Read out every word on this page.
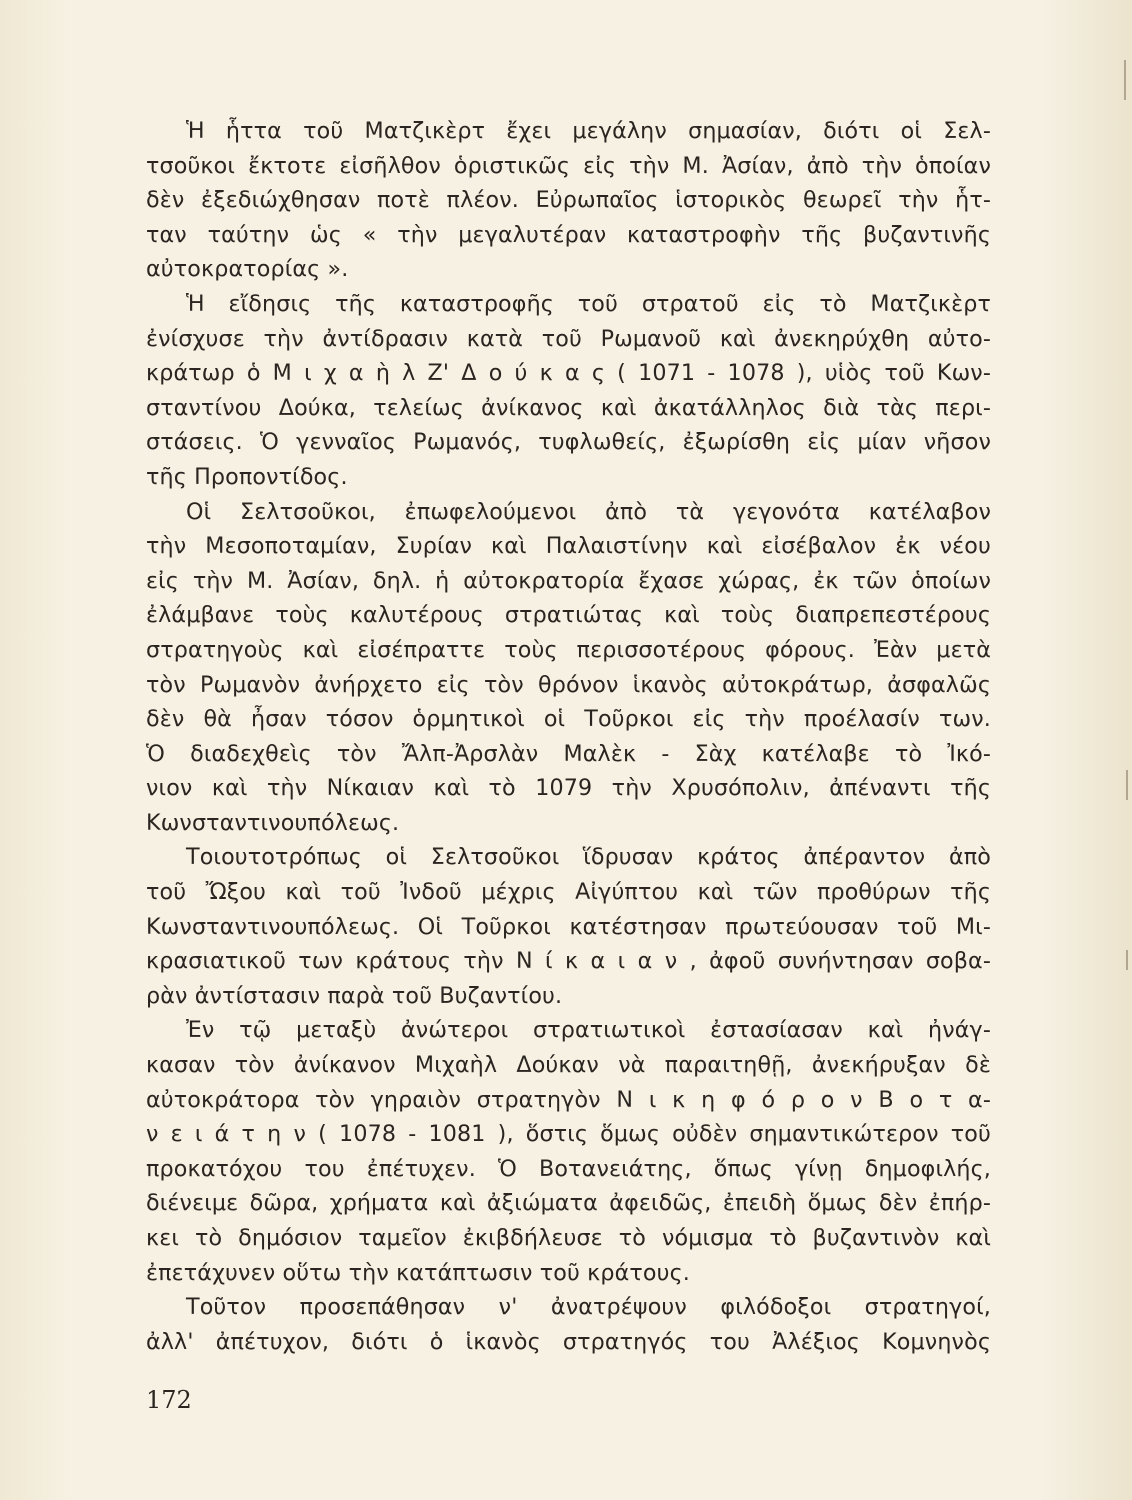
Ἡ ἧττα τοῦ Ματζικὲρτ ἔχει μεγάλην σημασίαν, διότι οἱ Σελ-
τσοῦκοι ἔκτοτε εἰσῆλθον ὁριστικῶς εἰς τὴν Μ. Ἀσίαν, ἀπὸ τὴν ὁποίαν
δὲν ἐξεδιώχθησαν ποτὲ πλέον. Εὐρωπαῖος ἱστορικὸς θεωρεῖ τὴν ἧτ-
ταν ταύτην ὡς « τὴν μεγαλυτέραν καταστροφὴν τῆς βυζαντινῆς
αὐτοκρατορίας ».
Ἡ εἴδησις τῆς καταστροφῆς τοῦ στρατοῦ εἰς τὸ Ματζικὲρτ
ἐνίσχυσε τὴν ἀντίδρασιν κατὰ τοῦ Ρωμανοῦ καὶ ἀνεκηρύχθη αὐτο-
κράτωρ ὁ Μ ι χ α ὴ λ Ζ' Δ ο ύ κ α ς ( 1071 - 1078 ), υἱὸς τοῦ Κων-
σταντίνου Δούκα, τελείως ἀνίκανος καὶ ἀκατάλληλος διὰ τὰς περι-
στάσεις. Ὁ γενναῖος Ρωμανός, τυφλωθείς, ἐξωρίσθη εἰς μίαν νῆσον
τῆς Προποντίδος.
Οἱ Σελτσοῦκοι, ἐπωφελούμενοι ἀπὸ τὰ γεγονότα κατέλαβον
τὴν Μεσοποταμίαν, Συρίαν καὶ Παλαιστίνην καὶ εἰσέβαλον ἐκ νέου
εἰς τὴν Μ. Ἀσίαν, δηλ. ἡ αὐτοκρατορία ἔχασε χώρας, ἐκ τῶν ὁποίων
ἐλάμβανε τοὺς καλυτέρους στρατιώτας καὶ τοὺς διαπρεπεστέρους
στρατηγοὺς καὶ εἰσέπραττε τοὺς περισσοτέρους φόρους. Ἐὰν μετὰ
τὸν Ρωμανὸν ἀνήρχετο εἰς τὸν θρόνον ἱκανὸς αὐτοκράτωρ, ἀσφαλῶς
δὲν θὰ ἦσαν τόσον ὁρμητικοὶ οἱ Τοῦρκοι εἰς τὴν προέλασίν των.
Ὁ διαδεχθεὶς τὸν Ἄλπ-Ἀρσλὰν Μαλὲκ - Σὰχ κατέλαβε τὸ Ἰκό-
νιον καὶ τὴν Νίκαιαν καὶ τὸ 1079 τὴν Χρυσόπολιν, ἀπέναντι τῆς
Κωνσταντινουπόλεως.
Τοιουτοτρόπως οἱ Σελτσοῦκοι ἵδρυσαν κράτος ἀπέραντον ἀπὸ
τοῦ Ὤξου καὶ τοῦ Ἰνδοῦ μέχρις Αἰγύπτου καὶ τῶν προθύρων τῆς
Κωνσταντινουπόλεως. Οἱ Τοῦρκοι κατέστησαν πρωτεύουσαν τοῦ Μι-
κρασιατικοῦ των κράτους τὴν Ν ί κ α ι α ν , ἀφοῦ συνήντησαν σοβα-
ρὰν ἀντίστασιν παρὰ τοῦ Βυζαντίου.
Ἐν τῷ μεταξὺ ἀνώτεροι στρατιωτικοὶ ἐστασίασαν καὶ ἠνάγ-
κασαν τὸν ἀνίκανον Μιχαὴλ Δούκαν νὰ παραιτηθῇ, ἀνεκήρυξαν δὲ
αὐτοκράτορα τὸν γηραιὸν στρατηγὸν Ν ι κ η φ ό ρ ο ν Β ο τ α-
ν ε ι ά τ η ν ( 1078 - 1081 ), ὅστις ὅμως οὐδὲν σημαντικώτερον τοῦ
προκατόχου του ἐπέτυχεν. Ὁ Βοτανειάτης, ὅπως γίνῃ δημοφιλής,
διένειμε δῶρα, χρήματα καὶ ἀξιώματα ἀφειδῶς, ἐπειδὴ ὅμως δὲν ἐπήρ-
κει τὸ δημόσιον ταμεῖον ἐκιβδήλευσε τὸ νόμισμα τὸ βυζαντινὸν καὶ
ἐπετάχυνεν οὕτω τὴν κατάπτωσιν τοῦ κράτους.
Τοῦτον προσεπάθησαν ν' ἀνατρέψουν φιλόδοξοι στρατηγοί,
ἀλλ' ἀπέτυχον, διότι ὁ ἱκανὸς στρατηγός του Ἀλέξιος Κομνηνὸς
172
